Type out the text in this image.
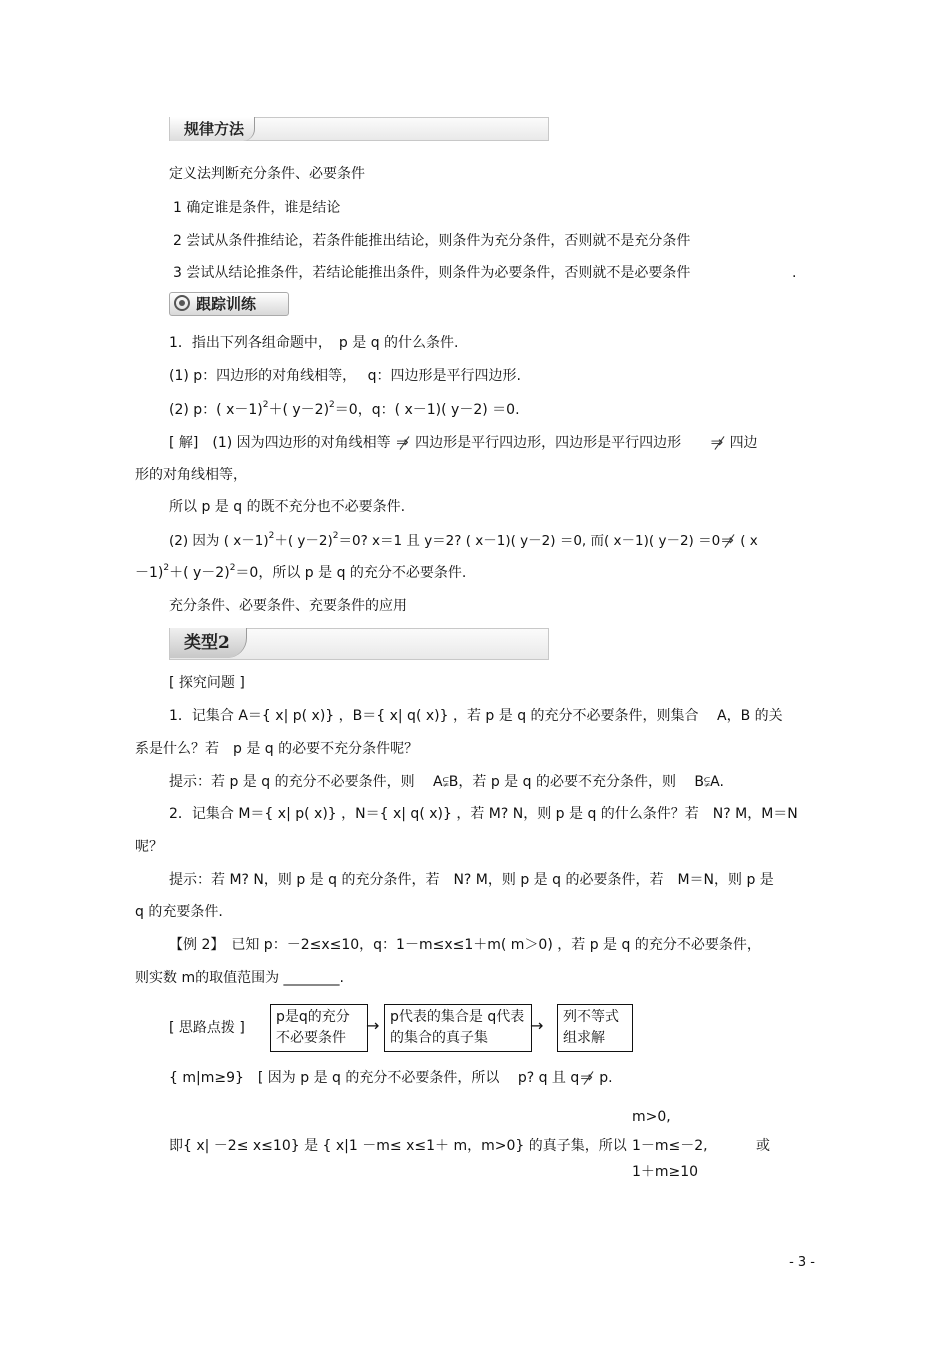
规律方法
定义法判断充分条件、必要条件
1 确定谁是条件，谁是结论
2 尝试从条件推结论，若条件能推出结论，则条件为充分条件，否则就不是充分条件
3 尝试从结论推条件，若结论能推出条件，则条件为必要条件，否则就不是必要条件	.
跟踪训练
1．指出下列各组命题中，　p 是 q 的什么条件.
(1) p：四边形的对角线相等，　 q：四边形是平行四边形.
(2) p：( x－1)$^2$＋( y－2)$^2$＝0，q：( x－1)( y－2) ＝0.
[ 解]　(1) 因为四边形的对角线相等 ⇒ 四边形是平行四边形，四边形是平行四边形 ⇒	四边
形的对角线相等，
所以 p 是 q 的既不充分也不必要条件.
(2) 因为 ( x－1)$^2$＋( y－2)$^2$＝0? x＝1 且 y＝2? ( x－1)( y－2) ＝0, 而( x－1)( y－2) ＝0 ⇒ ( x
－1)$^2$＋( y－2)$^2$＝0，所以 p 是 q 的充分不必要条件.
充分条件、必要条件、充要条件的应用
类型2
[ 探究问题 ]
1．记集合 A＝{ x| p( x)} ，B＝{ x| q( x)} ，若 p 是 q 的充分不必要条件，则集合　 A，B 的关
系是什么？若　p 是 q 的必要不充分条件呢？
提示：若 p 是 q 的充分不必要条件，则　 A⫋B，若 p 是 q 的必要不充分条件，则　 B⫋A.
2．记集合 M＝{ x| p( x)} ，N＝{ x| q( x)} ，若 M? N，则 p 是 q 的什么条件？若　N? M，M＝N
呢？
提示：若 M? N，则 p 是 q 的充分条件，若　N? M，则 p 是 q 的必要条件，若　M＝N，则 p 是
q 的充要条件.
【例 2】　已知 p：－2≤x≤10，q：1－m≤x≤1＋m( m＞0) ，若 p 是 q 的充分不必要条件，
则实数 m的取值范围为 ________.
[ 思路点拨 ]
p是q的充分不必要条件
→ p代表的集合是 q代表的集合的真子集
→	列不等式组求解
{ m|m≥9}　[ 因为 p 是 q 的充分不必要条件，所以　 p? q 且 q ⇒ p.
m>0,
即{ x| －2≤ x≤10} 是 { x|1 －m≤ x≤1＋ m，m>0} 的真子集，所以 1－m≤－2,	或
1＋m≥10
- 3 -
